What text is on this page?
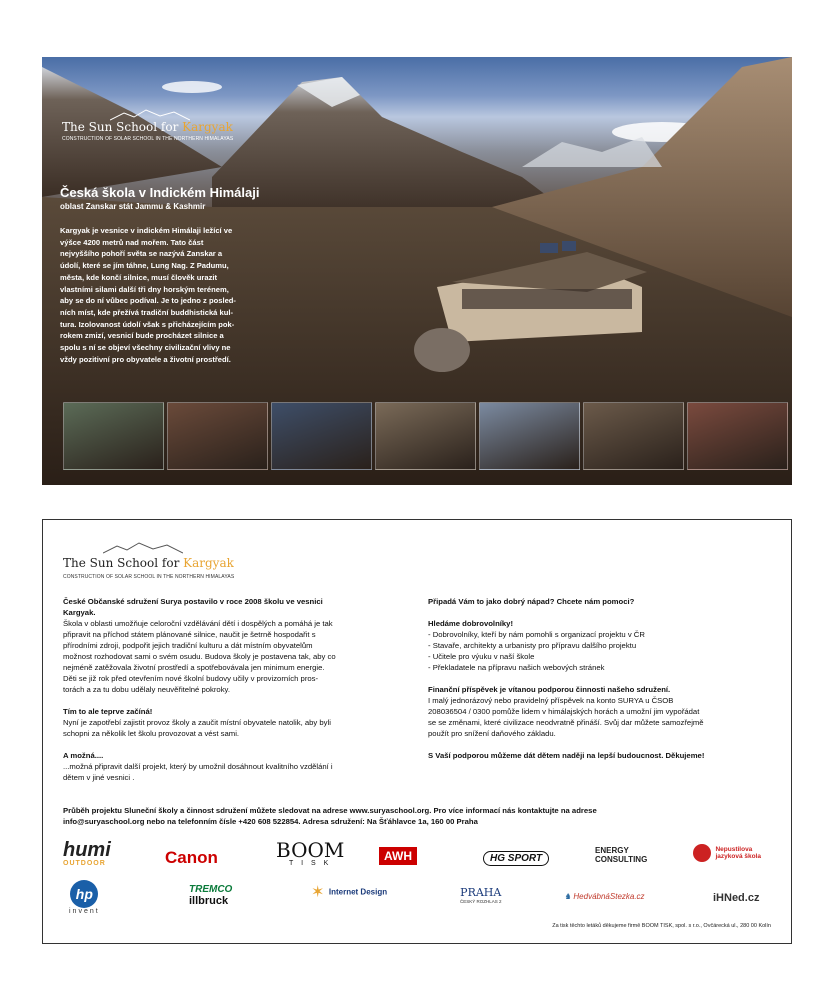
The Sun School for Kargyak
CONSTRUCTION OF SOLAR SCHOOL IN THE NORTHERN HIMALAYAS
Česká škola v Indickém Himálaji
oblast Zanskar stát Jammu & Kashmir
Kargyak je vesnice v indickém Himálaji ležící ve
výšce 4200 metrů nad mořem. Tato část
nejvyššího pohoří světa se nazývá Zanskar a
údolí, které se jím táhne, Lung Nag. Z Padumu,
města, kde končí silnice, musí člověk urazit
vlastními silami další tři dny horským terénem,
aby se do ní vůbec podíval. Je to jedno z posled-
ních míst, kde přežívá tradiční buddhistická kul-
tura. Izolovanost údolí však s přicházejícím pok-
rokem zmizí, vesnicí bude procházet silnice a
spolu s ní se objeví všechny civilizační vlivy ne
vždy pozitivní pro obyvatele a životní prostředí.
The Sun School for Kargyak
CONSTRUCTION OF SOLAR SCHOOL IN THE NORTHERN HIMALAYAS
České Občanské sdružení Surya postavilo v roce 2008 školu ve vesnici
Kargyak.
Škola v oblasti umožňuje celoroční vzdělávání dětí i dospělých a pomáhá je tak
připravit na příchod státem plánované silnice, naučit je šetrně hospodařit s
přírodními zdroji, podpořit jejich tradiční kulturu a dát místním obyvatelům
možnost rozhodovat sami o svém osudu. Budova školy je postavena tak, aby co
nejméně zatěžovala životní prostředí a spotřebovávala jen minimum energie.
Děti se již rok před otevřením nové školní budovy učily v provizorních pros-
torách a za tu dobu udělaly neuvěřitelné pokroky.
Tím to ale teprve začíná!
Nyní je zapotřebí zajistit provoz školy a zaučit místní obyvatele natolik, aby byli
schopni za několik let školu provozovat a vést sami.
A možná....
...možná připravit další projekt, který by umožnil dosáhnout kvalitního vzdělání i
dětem v jiné vesnici .
Připadá Vám to jako dobrý nápad? Chcete nám pomoci?
Hledáme dobrovolníky!
- Dobrovolníky, kteří by nám pomohli s organizací projektu v ČR
- Stavaře, architekty a urbanisty pro přípravu dalšího projektu
- Učitele pro výuku v naší škole
- Překladatele na přípravu našich webových stránek
Finanční příspěvek je vítanou podporou činnosti našeho sdružení.
I malý jednorázový nebo pravidelný příspěvek na konto SURYA u ČSOB
208036504 / 0300 pomůže lidem v himálajských horách a umožní jim vypořádat
se se změnami, které civilizace neodvratně přináší. Svůj dar můžete samozřejmě
použít pro snížení daňového základu.
S Vaší podporou můžeme dát dětem naději na lepší budoucnost. Děkujeme!
Průběh projektu Sluneční školy a činnost sdružení můžete sledovat na adrese www.suryaschool.org. Pro více informací nás kontaktujte na adrese
info@suryaschool.org nebo na telefonním čísle +420 608 522854. Adresa sdružení: Na Šťáhlavce 1a, 160 00 Praha
humi
OUTDOOR	Canon	BOOM
T I S K
AWH	HG SPORT
ENERGY CONSULTING
Nepustilova jazyková škola
hp
invent
TREMCO
illbruck	✶ Internet Design	PRAHA
ČESKÝ ROZHLAS 2
♞ HedvábnáStezka.cz	iHNed.cz
Za tisk těchto letáků děkujeme firmě BOOM TISK, spol. s r.o., Ovčárecká ul., 280 00 Kolín
